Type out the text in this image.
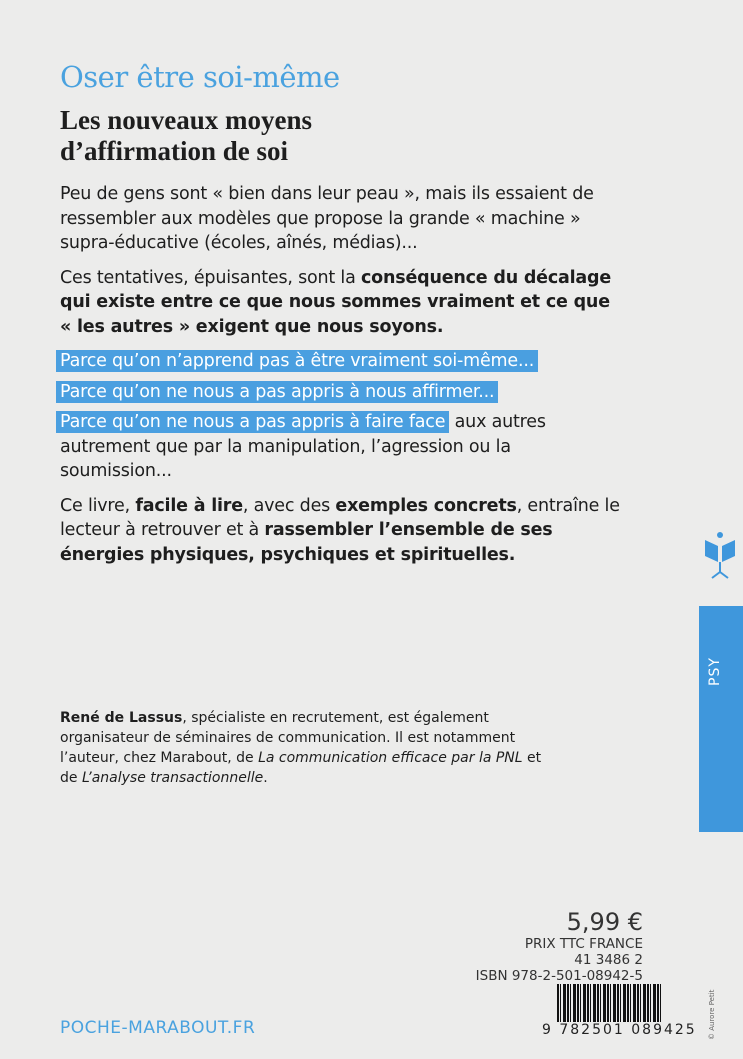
Oser être soi-même
Les nouveaux moyens
d’affirmation de soi

Peu de gens sont « bien dans leur peau », mais ils essaient de ressembler aux modèles que propose la grande « machine » supra-éducative (écoles, aînés, médias)...

Ces tentatives, épuisantes, sont la conséquence du décalage qui existe entre ce que nous sommes vraiment et ce que « les autres » exigent que nous soyons.

Parce qu’on n’apprend pas à être vraiment soi-même...

Parce qu’on ne nous a pas appris à nous affirmer...

Parce qu’on ne nous a pas appris à faire face aux autres autrement que par la manipulation, l’agression ou la soumission...

Ce livre, facile à lire, avec des exemples concrets, entraîne le lecteur à retrouver et à rassembler l’ensemble de ses énergies physiques, psychiques et spirituelles.

René de Lassus, spécialiste en recrutement, est également organisateur de séminaires de communication. Il est notamment l’auteur, chez Marabout, de La communication efficace par la PNL et de L’analyse transactionnelle.
PSY
5,99 €
PRIX TTC FRANCE
41 3486 2
ISBN 978-2-501-08942-5
9 782501 089425 © Aurore Petit
POCHE-MARABOUT.FR
